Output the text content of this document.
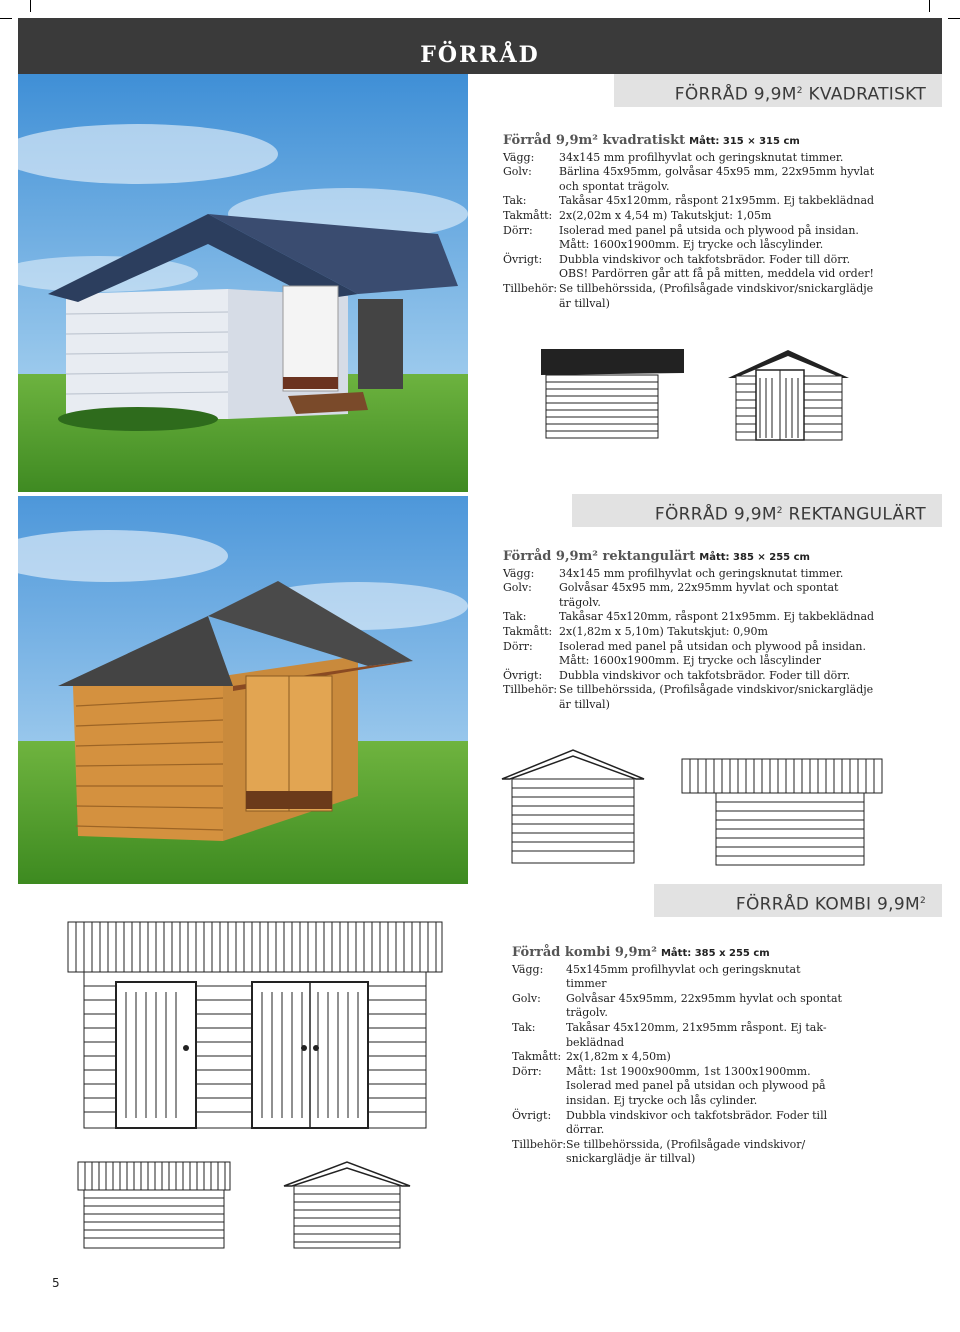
FÖRRÅD
FÖRRÅD $9,9M^2$ KVADRATISKT
Förråd 9,9m² kvadratiskt Mått: 315 × 315 cm
Vägg:	34x145 mm profilhyvlat och geringsknutat timmer.
Golv:	Bärlina 45x95mm, golvåsar 45x95 mm, 22x95mm hyvlat och spontat trägolv.
Tak:	Takåsar 45x120mm, råspont 21x95mm. Ej takbeklädnad
Takmått: 2x(2,02m x 4,54 m) Takutskjut: 1,05m
Dörr:	Isolerad med panel på utsida och plywood på insidan.
Mått: 1600x1900mm. Ej trycke och låscylinder.
Övrigt:	Dubbla vindskivor och takfotsbrädor. Foder till dörr.
OBS! Pardörren går att få på mitten, meddela vid order!
Tillbehör: Se tillbehörssida, (Profilsågade vindskivor/snickarglädje är tillval)
FÖRRÅD $9,9M^2$ REKTANGULÄRT
Förråd 9,9m² rektangulärt Mått: 385 × 255 cm
Vägg:	34x145 mm profilhyvlat och geringsknutat timmer.
Golv:	Golvåsar 45x95 mm, 22x95mm hyvlat och spontat trägolv.
Tak:	Takåsar 45x120mm, råspont 21x95mm. Ej takbeklädnad
Takmått: 2x(1,82m x 5,10m) Takutskjut: 0,90m
Dörr:	Isolerad med panel på utsidan och plywood på insidan.
Mått: 1600x1900mm. Ej trycke och låscylinder
Övrigt:	Dubbla vindskivor och takfotsbrädor. Foder till dörr.
Tillbehör: Se tillbehörssida, (Profilsågade vindskivor/snickarglädje är tillval)
FÖRRÅD KOMBI $9,9M^2$
Förråd kombi 9,9m² Mått: 385 x 255 cm
Vägg:	45x145mm profilhyvlat och geringsknutat timmer
Golv:	Golvåsar 45x95mm, 22x95mm hyvlat och spontat trägolv.
Tak:	Takåsar 45x120mm, 21x95mm råspont. Ej tak- beklädnad
Takmått: 2x(1,82m x 4,50m)
Dörr:	Mått: 1st 1900x900mm, 1st 1300x1900mm.
Isolerad med panel på utsidan och plywood på insidan. Ej trycke och lås cylinder.
Övrigt:	Dubbla vindskivor och takfotsbrädor. Foder till dörrar.
Tillbehör: Se tillbehörssida, (Profilsågade vindskivor/ snickarglädje är tillval)
5
